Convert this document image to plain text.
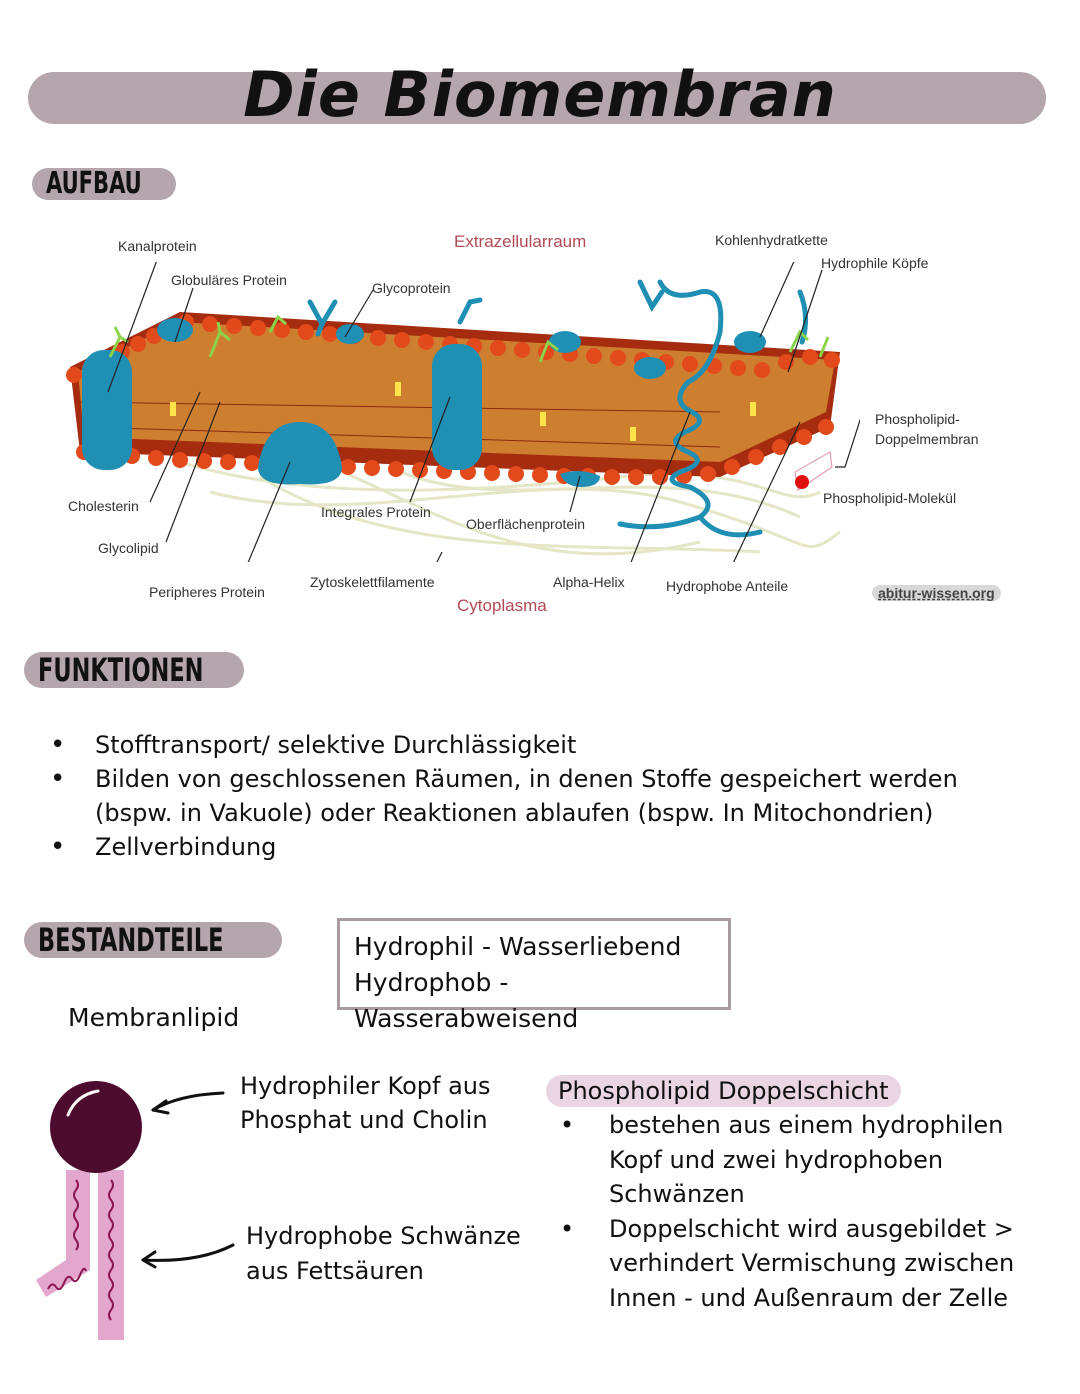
Die Biomembran
AUFBAU
Kanalprotein
Globuläres Protein	Glycoprotein
Extrazellularraum	Kohlenhydratkette
Hydrophile Köpfe
Phospholipid-
Doppelmembran
Phospholipid-Molekül
Cholesterin
Glycolipid
Integrales Protein
Oberflächenprotein
Peripheres Protein
Zytoskelettfilamente	Alpha-Helix	Hydrophobe Anteile
Cytoplasma
abitur-wissen.org
FUNKTIONEN
• Stofftransport/ selektive Durchlässigkeit
• Bilden von geschlossenen Räumen, in denen Stoffe gespeichert werden (bspw. in Vakuole) oder Reaktionen ablaufen (bspw. In Mitochondrien)
• Zellverbindung
BESTANDTEILE	Hydrophil - Wasserliebend
Hydrophob - Wasserabweisend
Membranlipid
Hydrophiler Kopf aus
Phosphat und Cholin
Hydrophobe Schwänze
aus Fettsäuren
Phospholipid Doppelschicht
• bestehen aus einem hydrophilen Kopf und zwei hydrophoben Schwänzen
• Doppelschicht wird ausgebildet > verhindert Vermischung zwischen Innen - und Außenraum der Zelle
